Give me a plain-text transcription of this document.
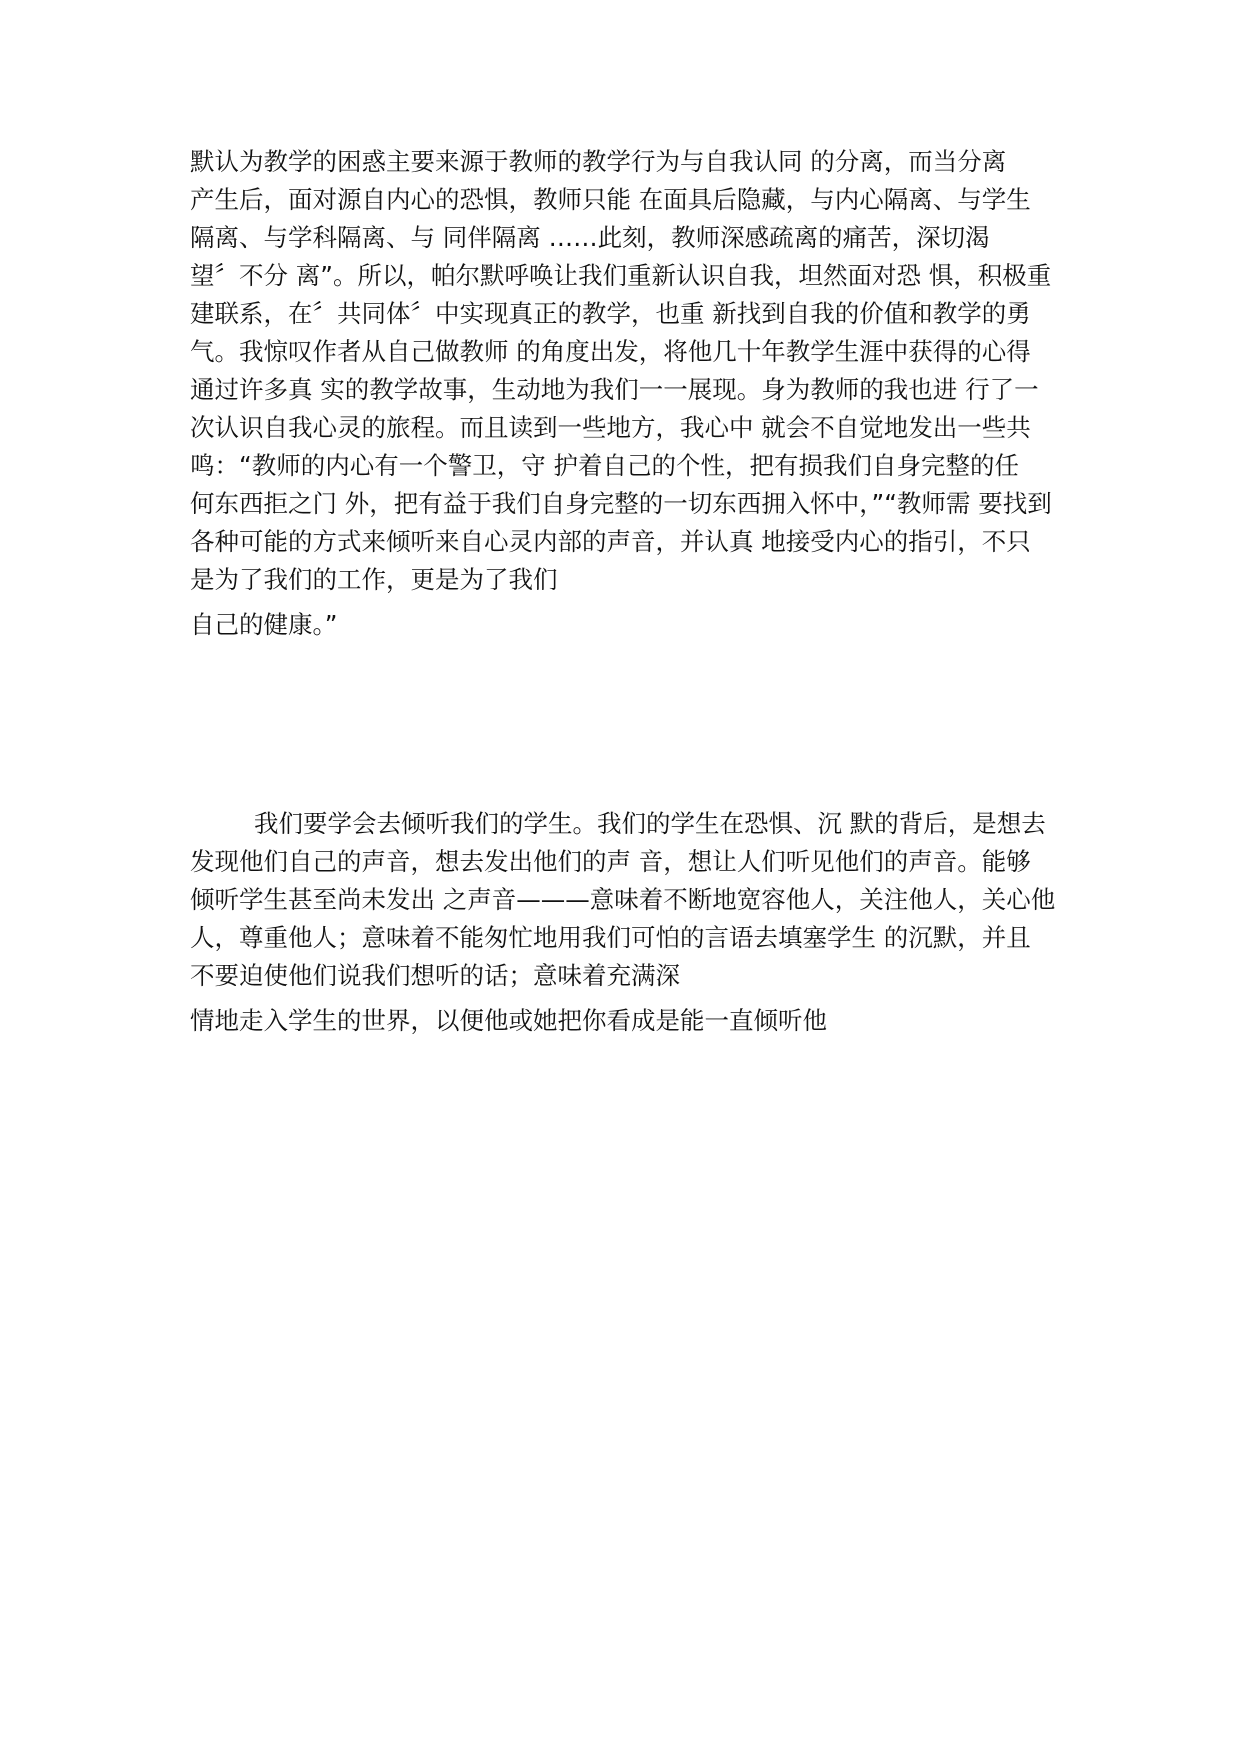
默认为教学的困惑主要来源于教师的教学行为与自我认同 的分离，而当分离
产生后，面对源自内心的恐惧，教师只能 在面具后隐藏，与内心隔离、与学生
隔离、与学科隔离、与 同伴隔离 ……此刻，教师深感疏离的痛苦，深切渴
望〞不分 离”。所以，帕尔默呼唤让我们重新认识自我，坦然面对恐 惧，积极重
建联系，在〞共同体〞中实现真正的教学，也重 新找到自我的价值和教学的勇
气。我惊叹作者从自己做教师 的角度出发，将他几十年教学生涯中获得的心得
通过许多真 实的教学故事，生动地为我们一一展现。身为教师的我也进 行了一
次认识自我心灵的旅程。而且读到一些地方，我心中 就会不自觉地发出一些共
鸣：“教师的内心有一个警卫，守 护着自己的个性，把有损我们自身完整的任
何东西拒之门 外，把有益于我们自身完整的一切东西拥入怀中，”“教师需 要找到
各种可能的方式来倾听来自心灵内部的声音，并认真 地接受内心的指引，不只
是为了我们的工作，更是为了我们
自己的健康。”
我们要学会去倾听我们的学生。我们的学生在恐惧、沉 默的背后，是想去
发现他们自己的声音，想去发出他们的声 音，想让人们听见他们的声音。能够
倾听学生甚至尚未发出 之声音———意味着不断地宽容他人，关注他人，关心他
人，尊重他人；意味着不能匆忙地用我们可怕的言语去填塞学生 的沉默，并且
不要迫使他们说我们想听的话；意味着充满深
情地走入学生的世界，以便他或她把你看成是能一直倾听他
